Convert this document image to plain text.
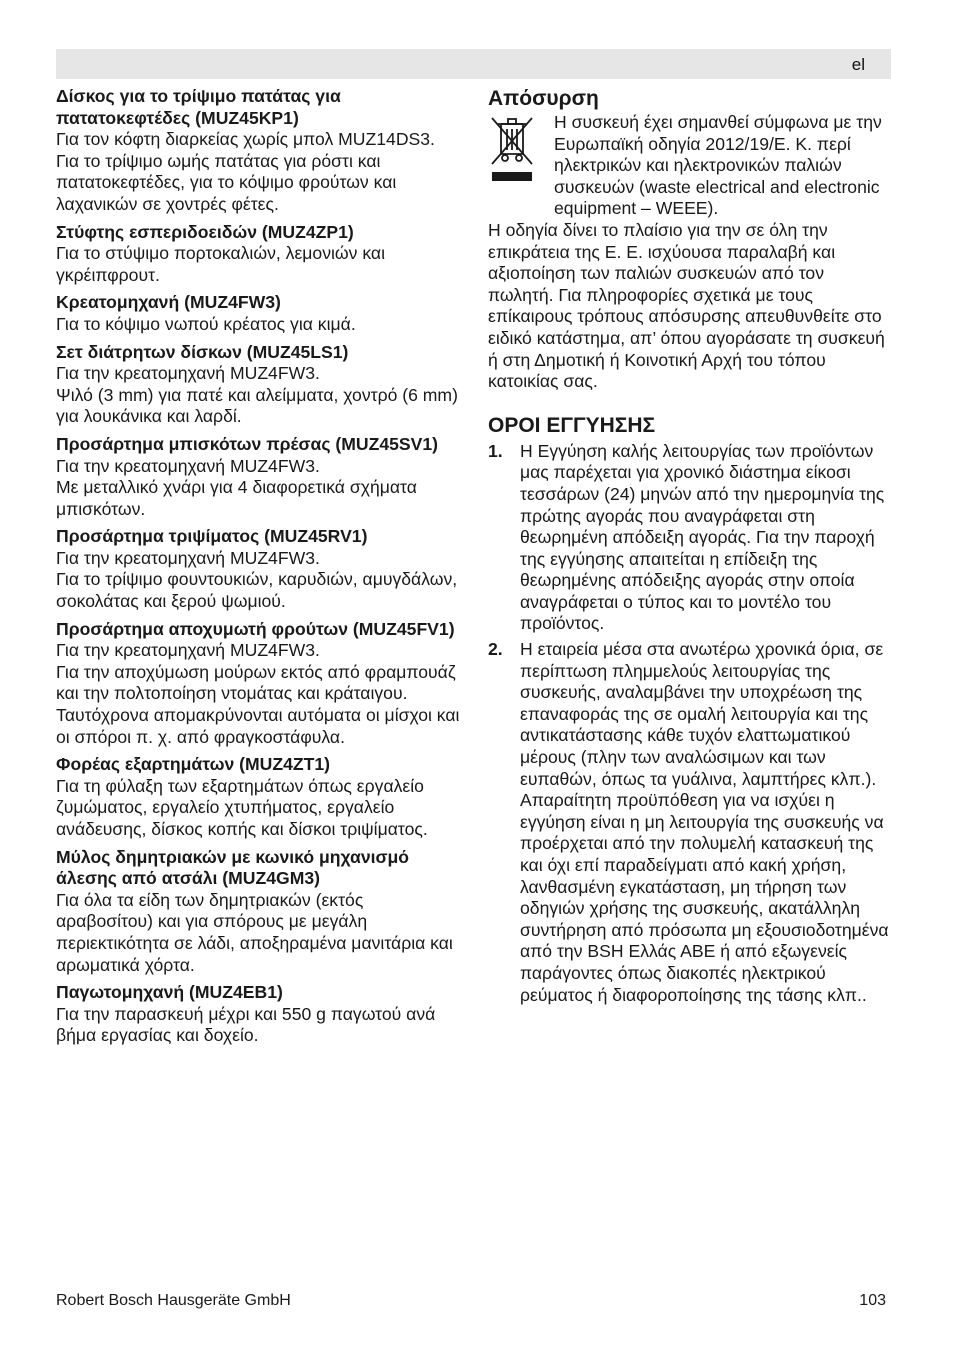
el

Δίσκος για το τρίψιμο πατάτας για πατατοκεφτέδες (MUZ45KP1)

Για τον κόφτη διαρκείας χωρίς μπολ MUZ14DS3.

Για το τρίψιμο ωμής πατάτας για ρόστι και πατατοκεφτέδες, για το κόψιμο φρούτων και λαχανικών σε χοντρές φέτες.

Στύφτης εσπεριδοειδών (MUZ4ZP1)

Για το στύψιμο πορτοκαλιών, λεμονιών και γκρέιπφρουτ.

Κρεατομηχανή (MUZ4FW3)

Για το κόψιμο νωπού κρέατος για κιμά.

Σετ διάτρητων δίσκων (MUZ45LS1)

Για την κρεατομηχανή MUZ4FW3.

Ψιλό (3 mm) για πατέ και αλείμματα, χοντρό (6 mm) για λουκάνικα και λαρδί.

Προσάρτημα μπισκότων πρέσας (MUZ45SV1)

Για την κρεατομηχανή MUZ4FW3.

Με μεταλλικό χνάρι για 4 διαφορετικά σχήματα μπισκότων.

Προσάρτημα τριψίματος (MUZ45RV1)

Για την κρεατομηχανή MUZ4FW3.

Για το τρίψιμο φουντουκιών, καρυδιών, αμυγδάλων, σοκολάτας και ξερού ψωμιού.

Προσάρτημα αποχυμωτή φρούτων (MUZ45FV1)

Για την κρεατομηχανή MUZ4FW3.

Για την αποχύμωση μούρων εκτός από φραμπουάζ και την πολτοποίηση ντομάτας και κράταιγου. Ταυτόχρονα απομακρύνονται αυτόματα οι μίσχοι και οι σπόροι π. χ. από φραγκοστάφυλα.

Φορέας εξαρτημάτων (MUZ4ZT1)

Για τη φύλαξη των εξαρτημάτων όπως εργαλείο ζυμώματος, εργαλείο χτυπήματος, εργαλείο ανάδευσης, δίσκος κοπής και δίσκοι τριψίματος.

Μύλος δημητριακών με κωνικό μηχανισμό άλεσης από ατσάλι (MUZ4GM3)

Για όλα τα είδη των δημητριακών (εκτός αραβοσίτου) και για σπόρους με μεγάλη περιεκτικότητα σε λάδι, αποξηραμένα μανιτάρια και αρωματικά χόρτα.

Παγωτομηχανή (MUZ4EB1)

Για την παρασκευή μέχρι και 550 g παγωτού ανά βήμα εργασίας και δοχείο.

Απόσυρση

Η συσκευή έχει σημανθεί σύμφωνα με την Ευρωπαϊκή οδηγία 2012/19/Ε. Κ. περί ηλεκτρικών και ηλεκτρονικών παλιών συσκευών (waste electrical and electronic equipment – WEEE).

Η οδηγία δίνει το πλαίσιο για την σε όλη την επικράτεια της Ε. Ε. ισχύουσα παραλαβή και αξιοποίηση των παλιών συσκευών από τον πωλητή. Για πληροφορίες σχετικά με τους επίκαιρους τρόπους απόσυρσης απευθυνθείτε στο ειδικό κατάστημα, απ’ όπου αγοράσατε τη συσκευή ή στη Δημοτική ή Κοινοτική Αρχή του τόπου κατοικίας σας.

ΟΡΟΙ ΕΓΓΥΗΣΗΣ

1. Η Εγγύηση καλής λειτουργίας των προϊόντων μας παρέχεται για χρονικό διάστημα είκοσι τεσσάρων (24) μηνών από την ημερομηνία της πρώτης αγοράς που αναγράφεται στη θεωρημένη απόδειξη αγοράς. Για την παροχή της εγγύησης απαιτείται η επίδειξη της θεωρημένης απόδειξης αγοράς στην οποία αναγράφεται ο τύπος και το μοντέλο του προϊόντος.
2. Η εταιρεία μέσα στα ανωτέρω χρονικά όρια, σε περίπτωση πλημμελούς λειτουργίας της συσκευής, αναλαμβάνει την υποχρέωση της επαναφοράς της σε ομαλή λειτουργία και της αντικατάστασης κάθε τυχόν ελαττωματικού μέρους (πλην των αναλώσιμων και των ευπαθών, όπως τα γυάλινα, λαμπτήρες κλπ.). Απαραίτητη προϋπόθεση για να ισχύει η εγγύηση είναι η μη λειτουργία της συσκευής να προέρχεται από την πολυμελή κατασκευή της και όχι επί παραδείγματι από κακή χρήση, λανθασμένη εγκατάσταση, μη τήρηση των οδηγιών χρήσης της συσκευής, ακατάλληλη συντήρηση από πρόσωπα μη εξουσιοδοτημένα από την BSH Ελλάς ΑΒΕ ή από εξωγενείς παράγοντες όπως διακοπές ηλεκτρικού ρεύματος ή διαφοροποίησης της τάσης κλπ..
Robert Bosch Hausgeräte GmbH	103
